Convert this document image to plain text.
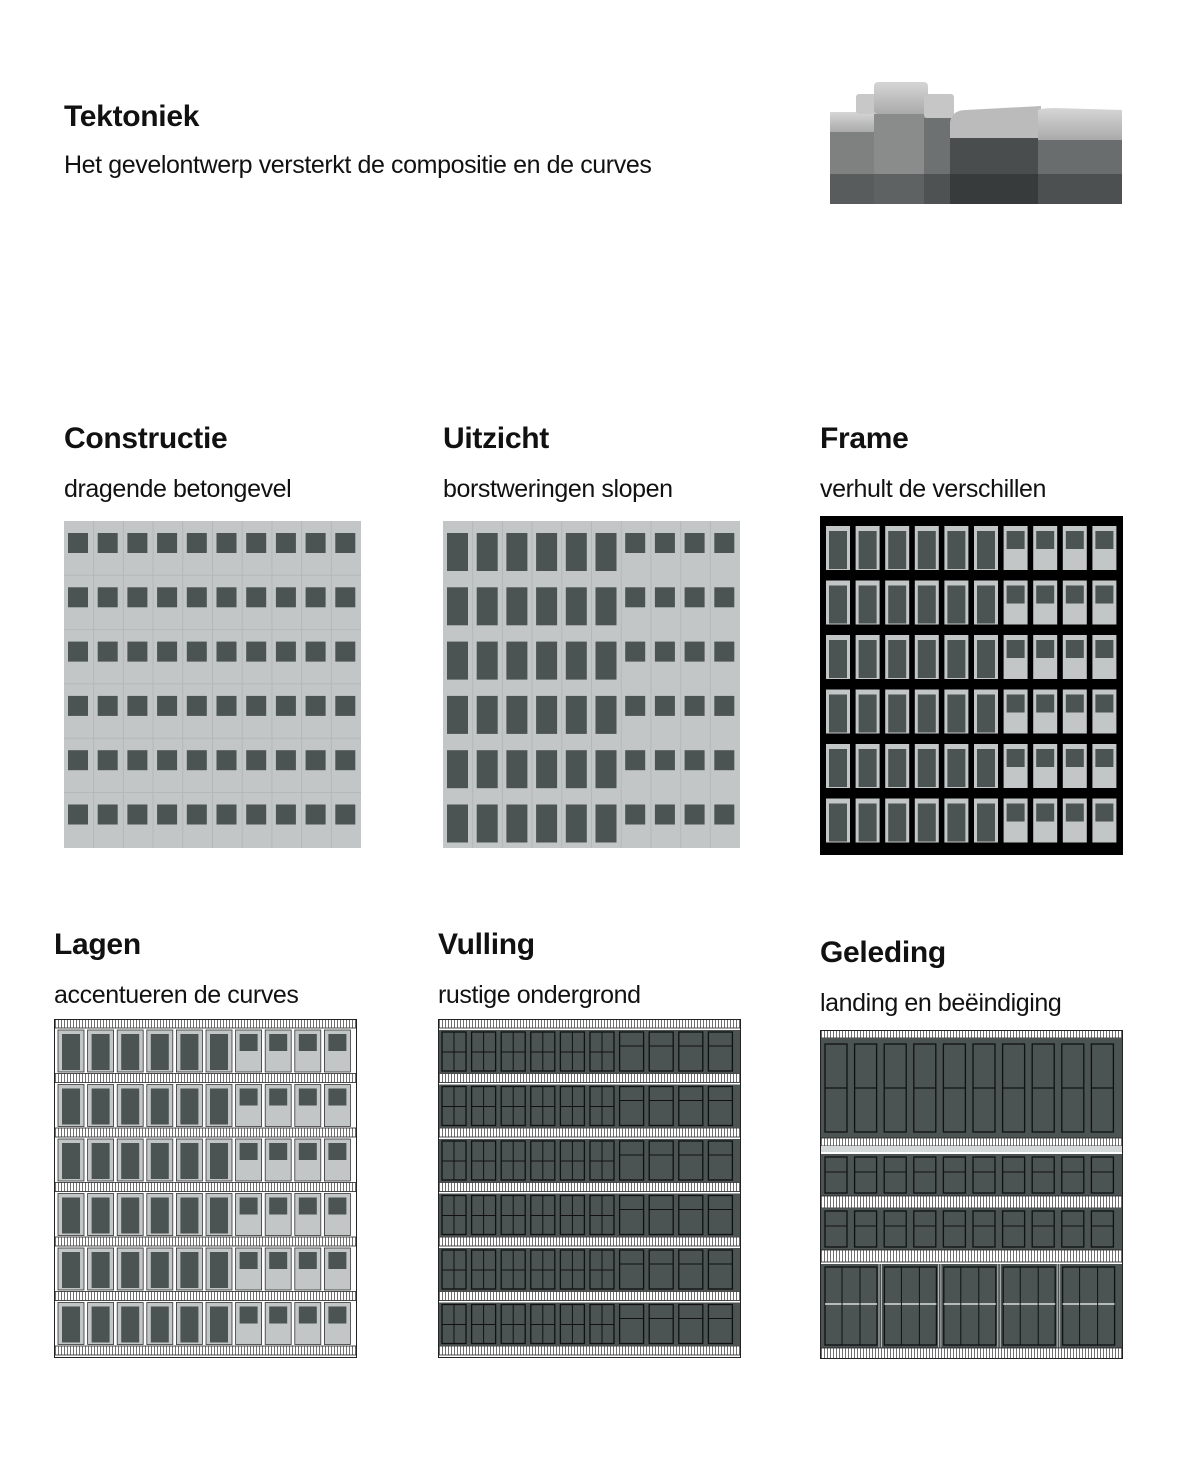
Tektoniek
Het gevelontwerp versterkt de compositie en de curves
Constructie
dragende betongevel
Uitzicht
borstweringen slopen
Frame
verhult de verschillen
Lagen
accentueren de curves
Vulling
rustige ondergrond
Geleding
landing en beëindiging
